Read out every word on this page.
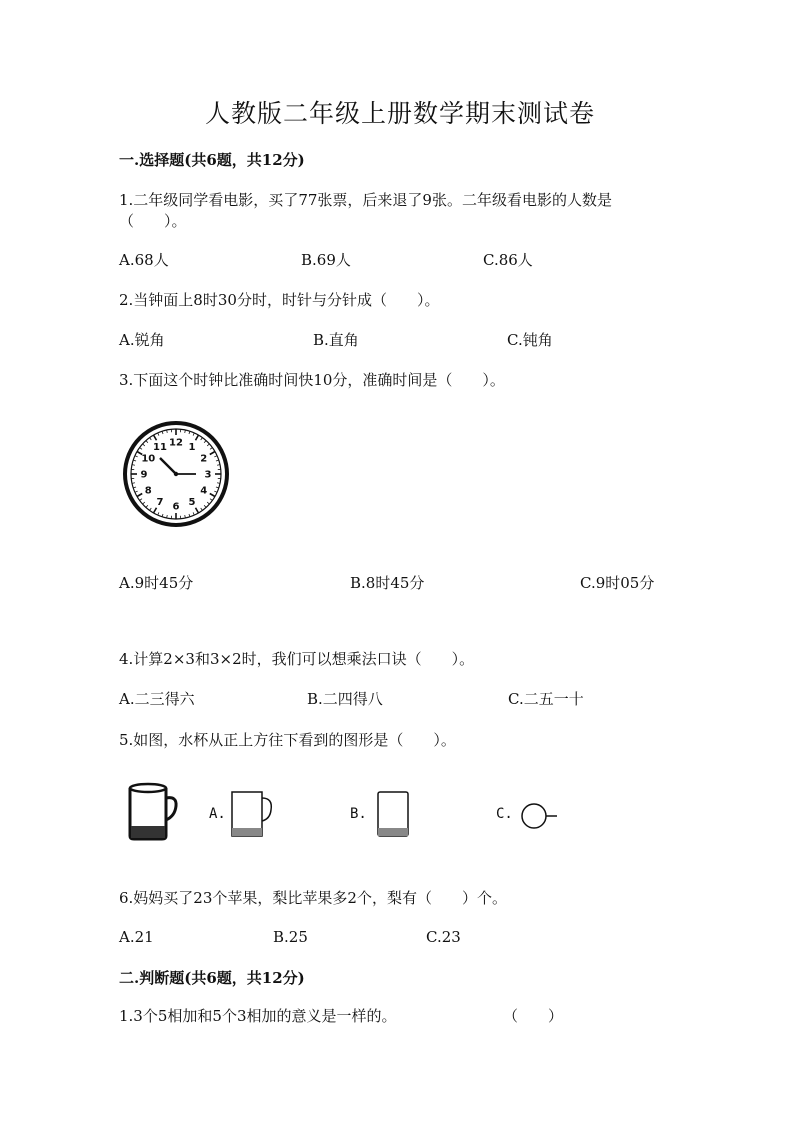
人教版二年级上册数学期末测试卷
一.选择题(共6题，共12分)
1.二年级同学看电影，买了77张票，后来退了9张。二年级看电影的人数是
（　　）。
A.68人	B.69人	C.86人
2.当钟面上8时30分时，时针与分针成（　　）。
A.锐角	B.直角	C.钝角
3.下面这个时钟比准确时间快10分，准确时间是（　　）。
12 1
2
3
4
5
6
7
8
9
10
11
A.9时45分	B.8时45分	C.9时05分
4.计算2×3和3×2时，我们可以想乘法口诀（　　）。
A.二三得六	B.二四得八	C.二五一十
5.如图，水杯从正上方往下看到的图形是（　　）。
A.	B.	C.
6.妈妈买了23个苹果，梨比苹果多2个，梨有（　　）个。
A.21	B.25	C.23
二.判断题(共6题，共12分)
1.3个5相加和5个3相加的意义是一样的。	（　　）
